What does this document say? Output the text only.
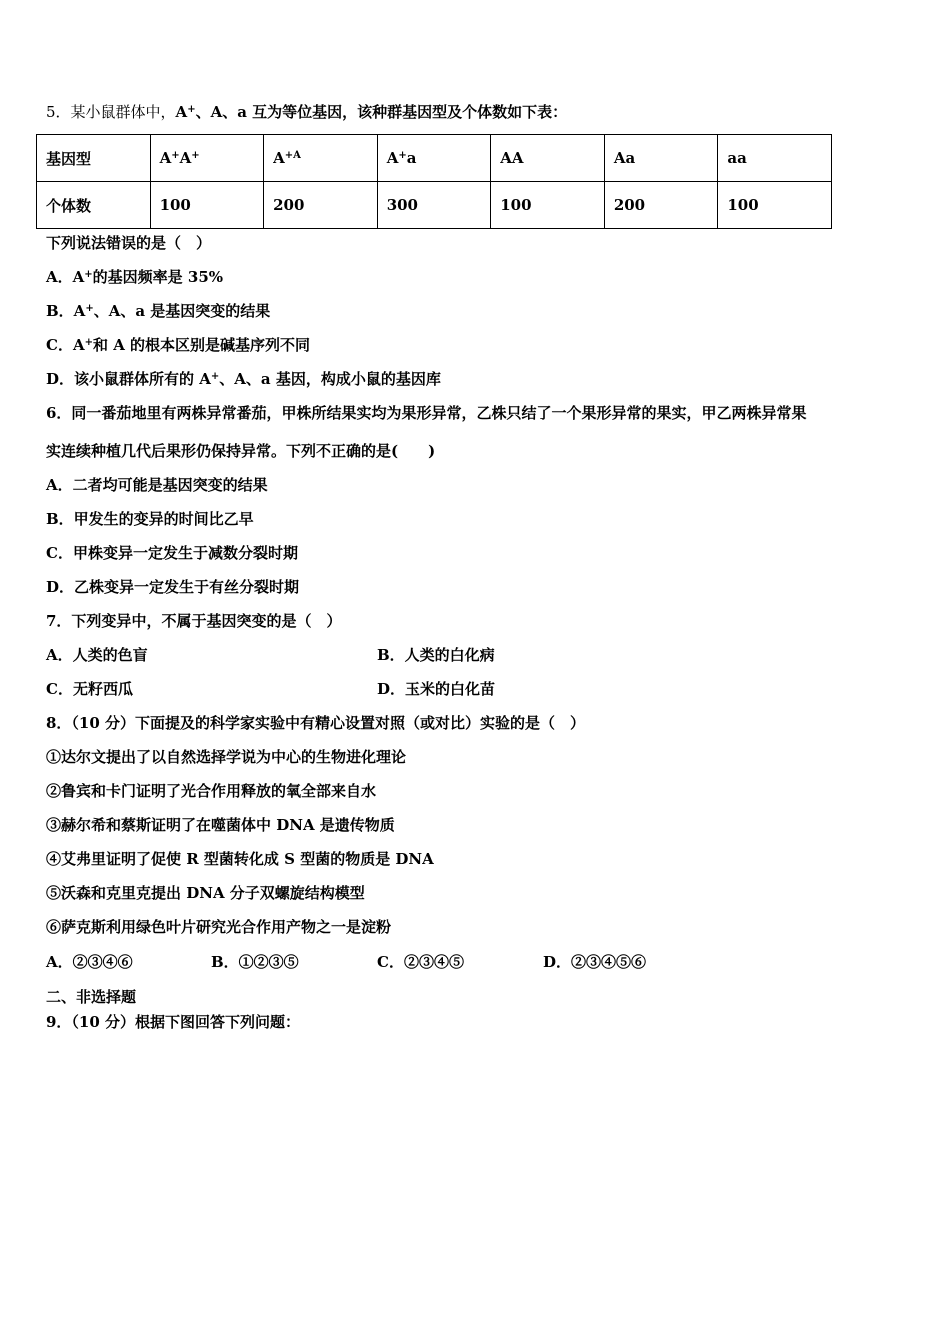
5．某小鼠群体中，A+、A、a 互为等位基因，该种群基因型及个体数如下表：
基因型	A+A+	$A^{+A}$	A+a	AA	Aa	aa
个体数	100	200	300	100	200	100
下列说法错误的是（　）
A．A+的基因频率是 35%
B．A+、A、a 是基因突变的结果
C．A+和 A 的根本区别是碱基序列不同
D．该小鼠群体所有的 A+、A、a 基因，构成小鼠的基因库
6．同一番茄地里有两株异常番茄，甲株所结果实均为果形异常，乙株只结了一个果形异常的果实，甲乙两株异常果
实连续种植几代后果形仍保持异常。下列不正确的是(　　)
A．二者均可能是基因突变的结果
B．甲发生的变异的时间比乙早
C．甲株变异一定发生于减数分裂时期
D．乙株变异一定发生于有丝分裂时期
7．下列变异中，不属于基因突变的是（　）
A．人类的色盲	B．人类的白化病
C．无籽西瓜	D．玉米的白化苗
8．（10 分）下面提及的科学家实验中有精心设置对照（或对比）实验的是（　）
①达尔文提出了以自然选择学说为中心的生物进化理论
②鲁宾和卡门证明了光合作用释放的氧全部来自水
③赫尔希和蔡斯证明了在噬菌体中 DNA 是遗传物质
④艾弗里证明了促使 R 型菌转化成 S 型菌的物质是 DNA
⑤沃森和克里克提出 DNA 分子双螺旋结构模型
⑥萨克斯利用绿色叶片研究光合作用产物之一是淀粉
A．②③④⑥	B．①②③⑤	C．②③④⑤	D．②③④⑤⑥
二、非选择题
9．（10 分）根据下图回答下列问题：
